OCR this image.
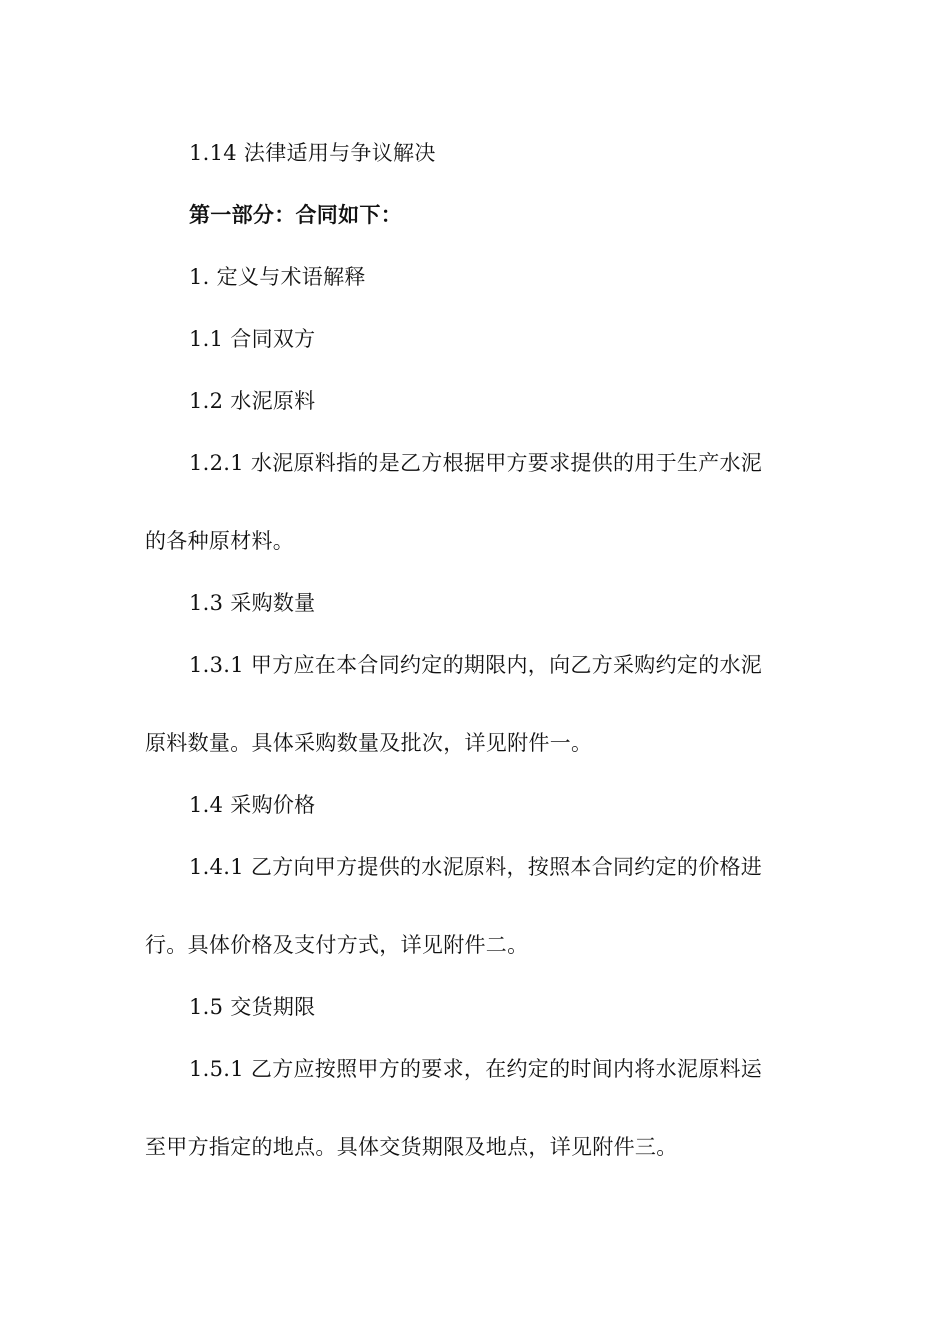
1.14 法律适用与争议解决

第一部分：合同如下：

1. 定义与术语解释

1.1 合同双方

1.2 水泥原料

1.2.1 水泥原料指的是乙方根据甲方要求提供的用于生产水泥
的各种原材料。

1.3 采购数量

1.3.1 甲方应在本合同约定的期限内，向乙方采购约定的水泥
原料数量。具体采购数量及批次，详见附件一。

1.4 采购价格

1.4.1 乙方向甲方提供的水泥原料，按照本合同约定的价格进
行。具体价格及支付方式，详见附件二。

1.5 交货期限

1.5.1 乙方应按照甲方的要求，在约定的时间内将水泥原料运
至甲方指定的地点。具体交货期限及地点，详见附件三。
